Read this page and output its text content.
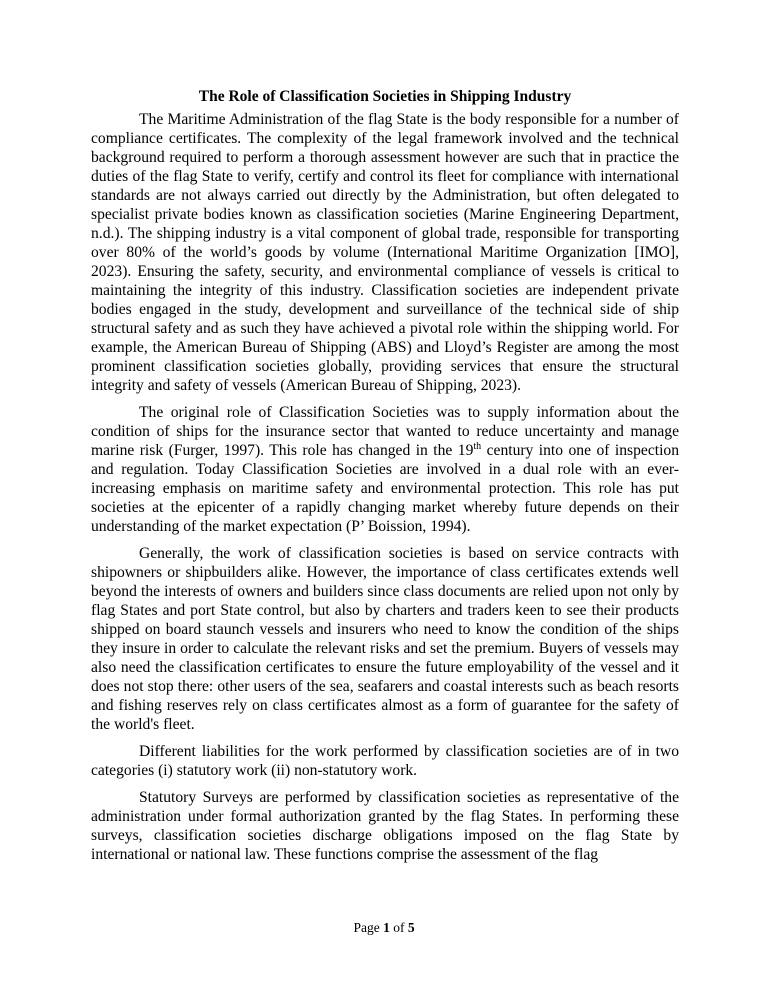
The Role of Classification Societies in Shipping Industry

The Maritime Administration of the flag State is the body responsible for a number of compliance certificates. The complexity of the legal framework involved and the technical background required to perform a thorough assessment however are such that in practice the duties of the flag State to verify, certify and control its fleet for compliance with international standards are not always carried out directly by the Administration, but often delegated to specialist private bodies known as classification societies (Marine Engineering Department, n.d.). The shipping industry is a vital component of global trade, responsible for transporting over 80% of the world’s goods by volume (International Maritime Organization [IMO], 2023). Ensuring the safety, security, and environmental compliance of vessels is critical to maintaining the integrity of this industry. Classification societies are independent private bodies engaged in the study, development and surveillance of the technical side of ship structural safety and as such they have achieved a pivotal role within the shipping world. For example, the American Bureau of Shipping (ABS) and Lloyd’s Register are among the most prominent classification societies globally, providing services that ensure the structural integrity and safety of vessels (American Bureau of Shipping, 2023).

The original role of Classification Societies was to supply information about the condition of ships for the insurance sector that wanted to reduce uncertainty and manage marine risk (Furger, 1997). This role has changed in the 19th century into one of inspection and regulation. Today Classification Societies are involved in a dual role with an ever-increasing emphasis on maritime safety and environmental protection. This role has put societies at the epicenter of a rapidly changing market whereby future depends on their understanding of the market expectation (P’ Boission, 1994).

Generally, the work of classification societies is based on service contracts with shipowners or shipbuilders alike. However, the importance of class certificates extends well beyond the interests of owners and builders since class documents are relied upon not only by flag States and port State control, but also by charters and traders keen to see their products shipped on board staunch vessels and insurers who need to know the condition of the ships they insure in order to calculate the relevant risks and set the premium. Buyers of vessels may also need the classification certificates to ensure the future employability of the vessel and it does not stop there: other users of the sea, seafarers and coastal interests such as beach resorts and fishing reserves rely on class certificates almost as a form of guarantee for the safety of the world's fleet.

Different liabilities for the work performed by classification societies are of in two categories (i) statutory work (ii) non-statutory work.

Statutory Surveys are performed by classification societies as representative of the administration under formal authorization granted by the flag States. In performing these surveys, classification societies discharge obligations imposed on the flag State by international or national law. These functions comprise the assessment of the flag

Page 1 of 5
